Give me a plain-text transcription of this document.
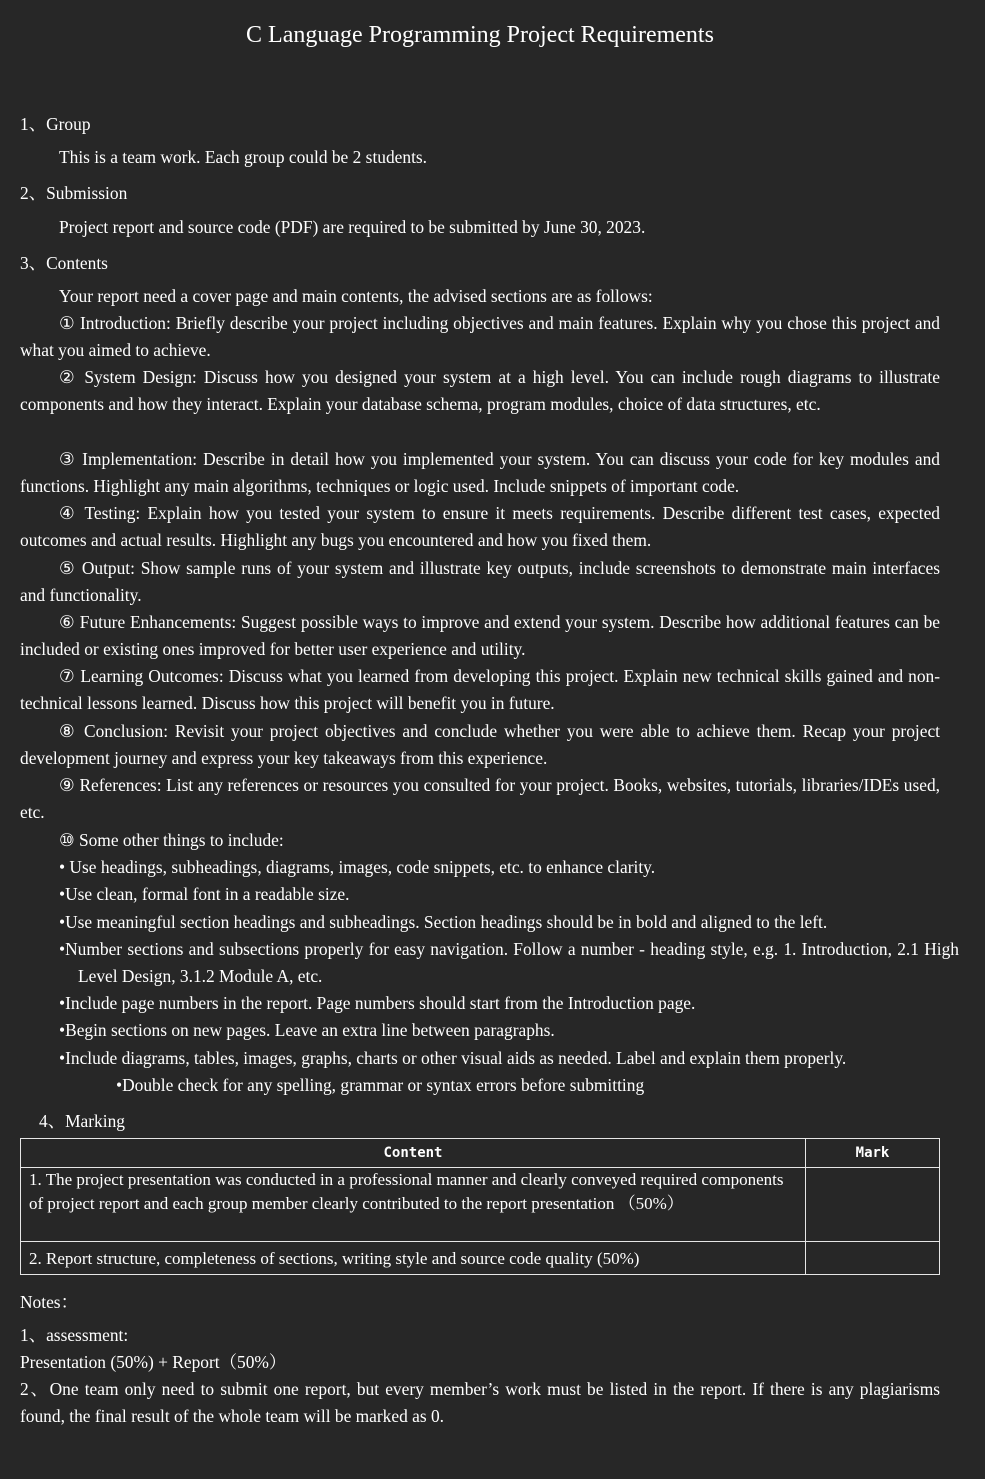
C Language Programming Project Requirements
1、Group
This is a team work. Each group could be 2 students.
2、Submission
Project report and source code (PDF) are required to be submitted by June 30, 2023.
3、Contents
Your report need a cover page and main contents, the advised sections are as follows:
① Introduction: Briefly describe your project including objectives and main features. Explain why you chose this project and what you aimed to achieve.
② System Design: Discuss how you designed your system at a high level. You can include rough diagrams to illustrate components and how they interact. Explain your database schema, program modules, choice of data structures, etc.
③ Implementation: Describe in detail how you implemented your system. You can discuss your code for key modules and functions. Highlight any main algorithms, techniques or logic used. Include snippets of important code.
④ Testing: Explain how you tested your system to ensure it meets requirements. Describe different test cases, expected outcomes and actual results. Highlight any bugs you encountered and how you fixed them.
⑤ Output: Show sample runs of your system and illustrate key outputs, include screenshots to demonstrate main interfaces and functionality.
⑥ Future Enhancements: Suggest possible ways to improve and extend your system. Describe how additional features can be included or existing ones improved for better user experience and utility.
⑦ Learning Outcomes: Discuss what you learned from developing this project. Explain new technical skills gained and non-technical lessons learned. Discuss how this project will benefit you in future.
⑧ Conclusion: Revisit your project objectives and conclude whether you were able to achieve them. Recap your project development journey and express your key takeaways from this experience.
⑨ References: List any references or resources you consulted for your project. Books, websites, tutorials, libraries/IDEs used, etc.
⑩ Some other things to include:
• Use headings, subheadings, diagrams, images, code snippets, etc. to enhance clarity.
•Use clean, formal font in a readable size.
•Use meaningful section headings and subheadings. Section headings should be in bold and aligned to the left.
•Number sections and subsections properly for easy navigation. Follow a number - heading style, e.g. 1. Introduction, 2.1 High Level Design, 3.1.2 Module A, etc.
•Include page numbers in the report. Page numbers should start from the Introduction page.
•Begin sections on new pages. Leave an extra line between paragraphs.
•Include diagrams, tables, images, graphs, charts or other visual aids as needed. Label and explain them properly.
•Double check for any spelling, grammar or syntax errors before submitting
4、Marking
Content	Mark
1. The project presentation was conducted in a professional manner and clearly conveyed required components of project report and each group member clearly contributed to the report presentation （50%）	
2. Report structure, completeness of sections, writing style and source code quality (50%)	
Notes：
1、assessment:
Presentation (50%) + Report（50%）
2、One team only need to submit one report, but every member’s work must be listed in the report. If there is any plagiarisms found, the final result of the whole team will be marked as 0.
